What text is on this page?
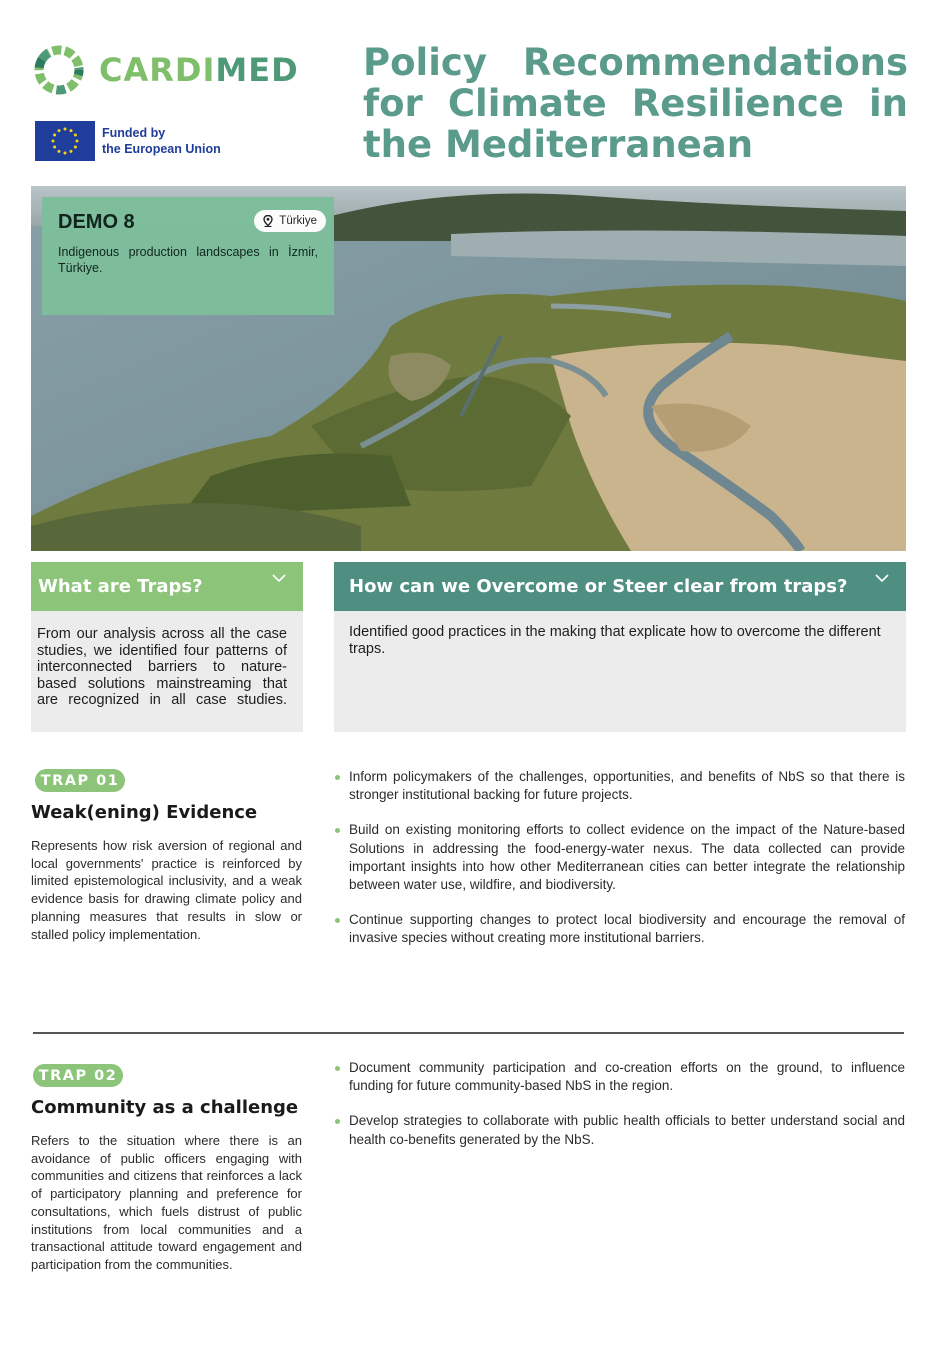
CARDIMED
Funded by
the European Union
Policy Recommendations for Climate Resilience in the Mediterranean
DEMO 8	Türkiye
Indigenous production landscapes in İzmir, Türkiye.
What are Traps?
From our analysis across all the case studies, we identified four patterns of interconnected barriers to nature-based solutions mainstreaming that are recognized in all case studies.
How can we Overcome or Steer clear from traps?
Identified good practices in the making that explicate how to overcome the different traps.
TRAP 01
Weak(ening) Evidence
Represents how risk aversion of regional and local governments' practice is reinforced by limited epistemological inclusivity, and a weak evidence basis for drawing climate policy and planning measures that results in slow or stalled policy implementation.
Inform policymakers of the challenges, opportunities, and benefits of NbS so that there is stronger institutional backing for future projects.
Build on existing monitoring efforts to collect evidence on the impact of the Nature-based Solutions in addressing the food-energy-water nexus. The data collected can provide important insights into how other Mediterranean cities can better integrate the relationship between water use, wildfire, and biodiversity.
Continue supporting changes to protect local biodiversity and encourage the removal of invasive species without creating more institutional barriers.
TRAP 02
Community as a challenge
Refers to the situation where there is an avoidance of public officers engaging with communities and citizens that reinforces a lack of participatory planning and preference for consultations, which fuels distrust of public institutions from local communities and a transactional attitude toward engagement and participation from the communities.
Document community participation and co-creation efforts on the ground, to influence funding for future community-based NbS in the region.
Develop strategies to collaborate with public health officials to better understand social and health co-benefits generated by the NbS.
